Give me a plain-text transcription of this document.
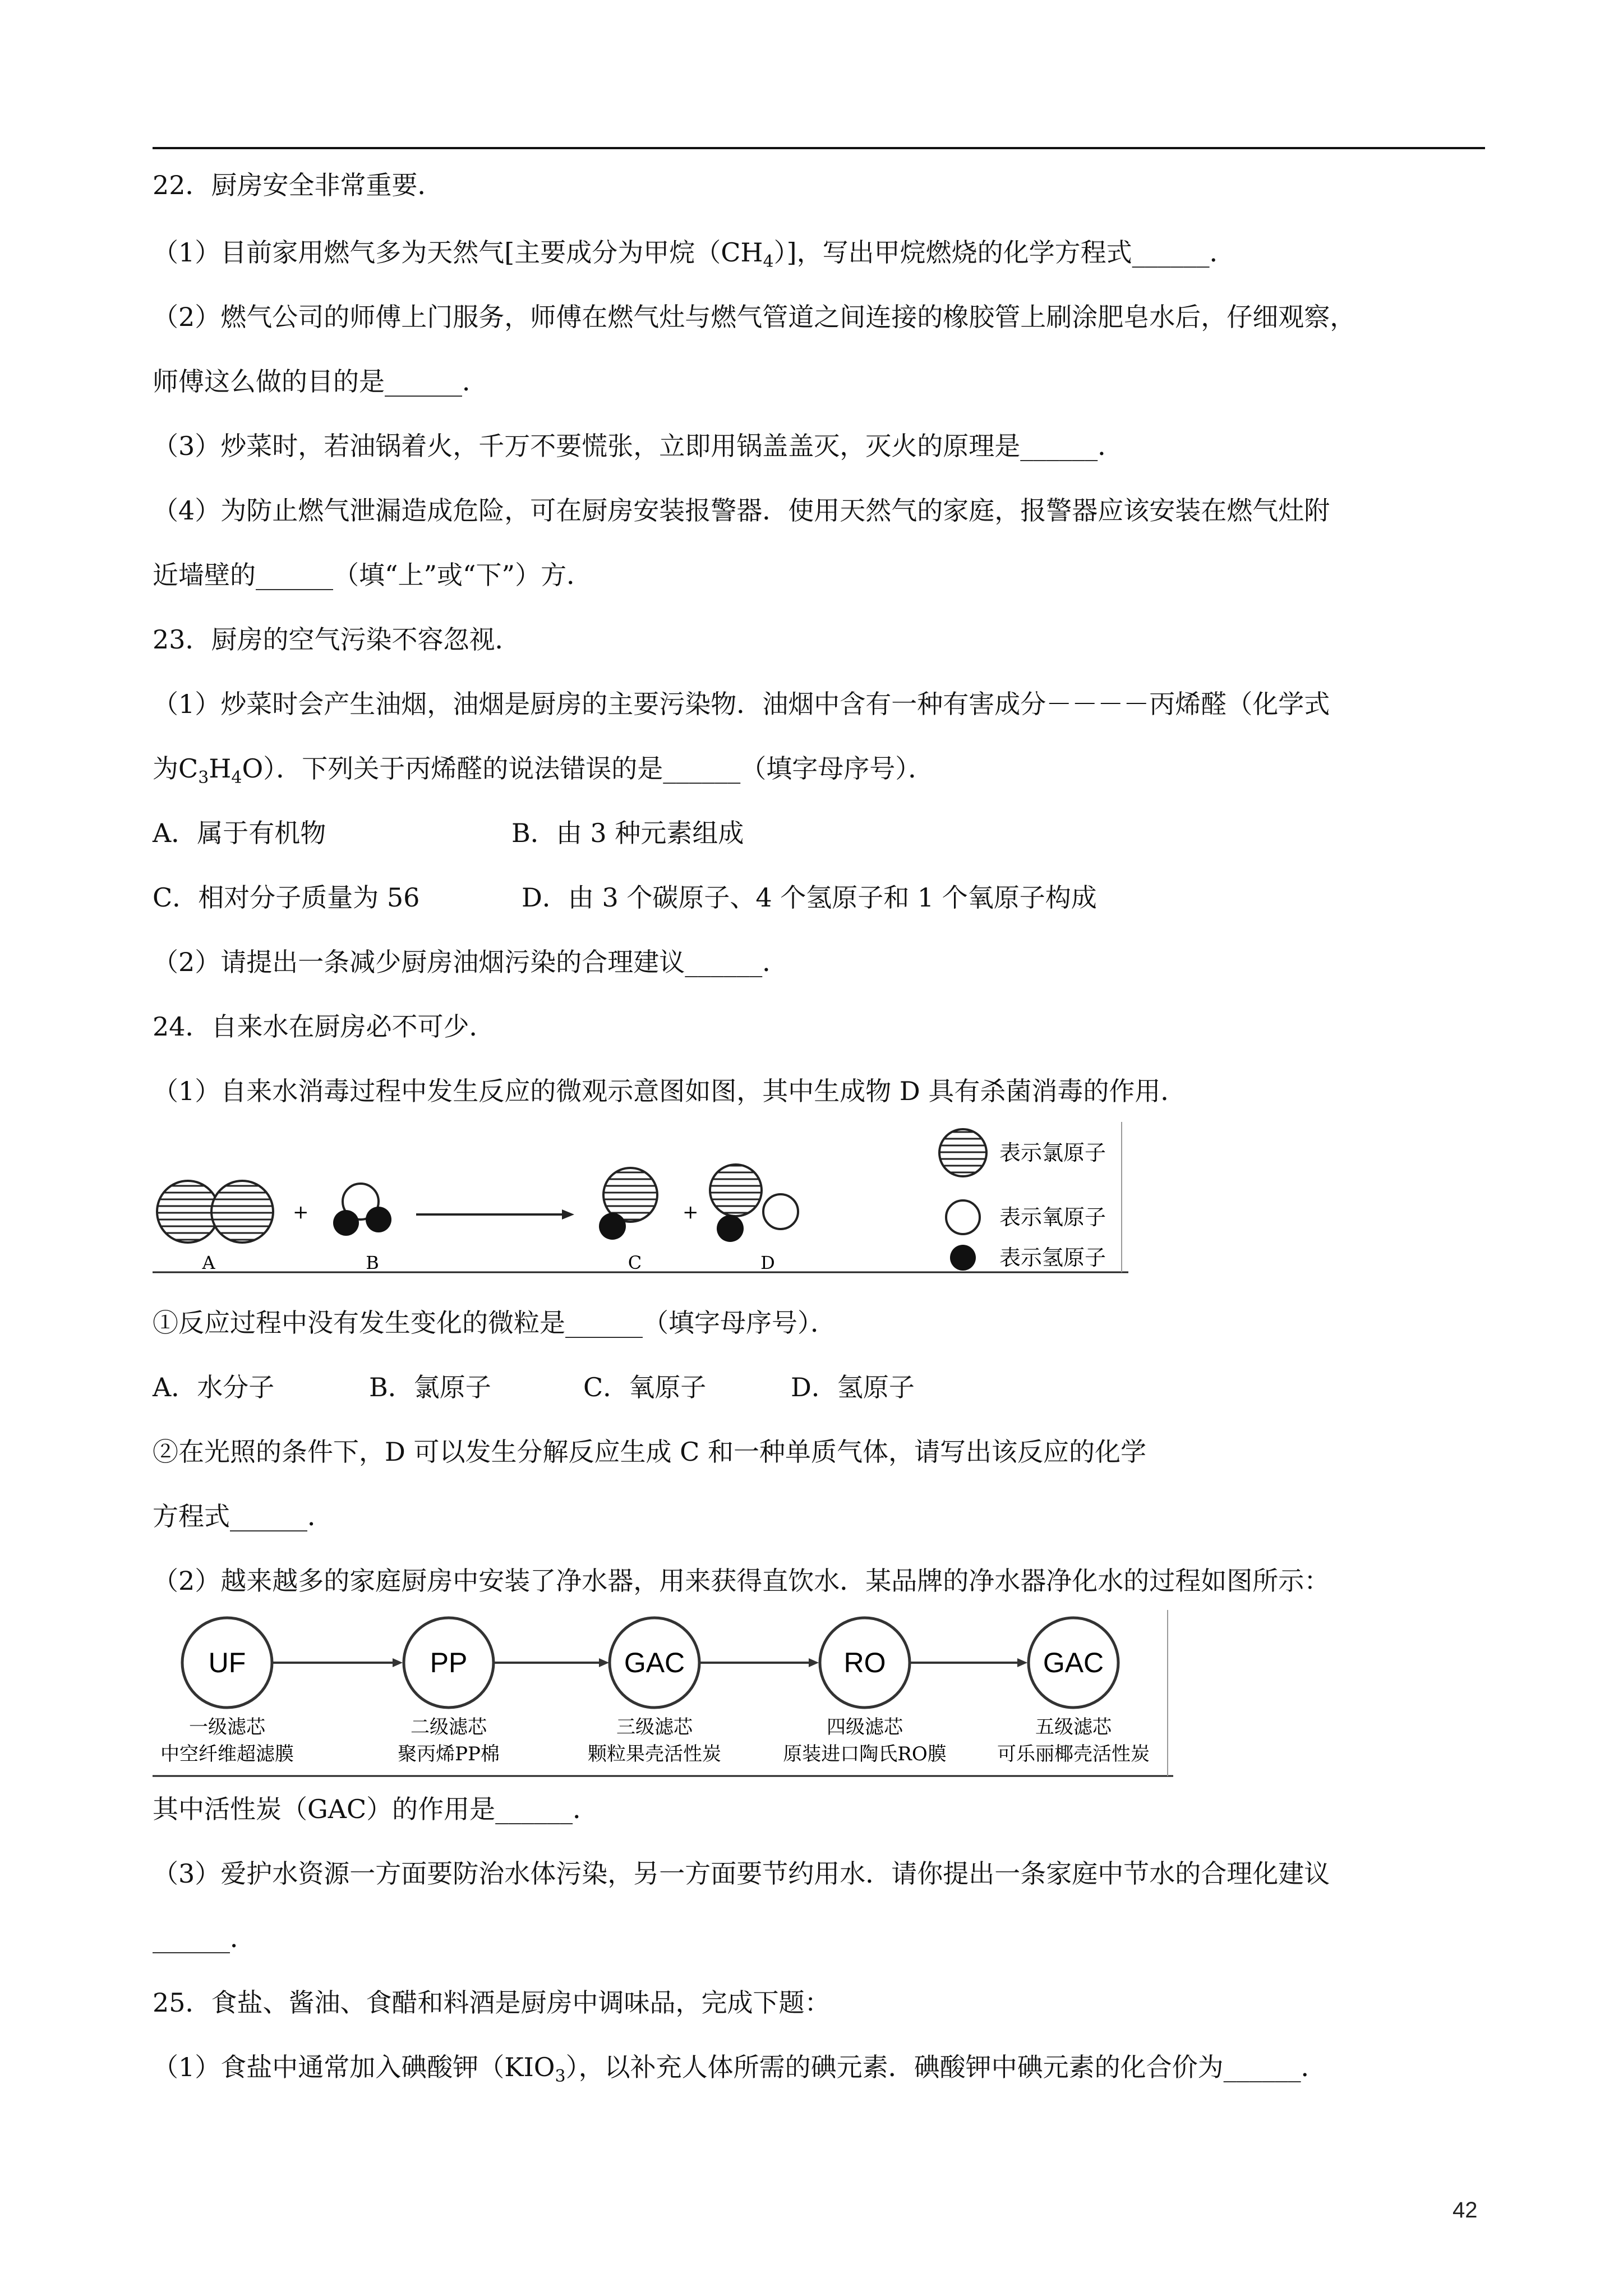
22．厨房安全非常重要．
（1）目前家用燃气多为天然气[主要成分为甲烷$(CH_4)$]，写出甲烷燃烧的化学方程式______．
（2）燃气公司的师傅上门服务，师傅在燃气灶与燃气管道之间连接的橡胶管上刷涂肥皂水后，仔细观察，
师傅这么做的目的是______．
（3）炒菜时，若油锅着火，千万不要慌张，立即用锅盖盖灭，灭火的原理是______．
（4）为防止燃气泄漏造成危险，可在厨房安装报警器．使用天然气的家庭，报警器应该安装在燃气灶附
近墙壁的______（填“上”或“下”）方．
23．厨房的空气污染不容忽视．
（1）炒菜时会产生油烟，油烟是厨房的主要污染物．油烟中含有一种有害成分－－－－丙烯醛（化学式
为$C_3H_4O$）．下列关于丙烯醛的说法错误的是______（填字母序号）．
A．属于有机物	B．由 3 种元素组成
C．相对分子质量为 56	D．由 3 个碳原子、4 个氢原子和 1 个氧原子构成
（2）请提出一条减少厨房油烟污染的合理建议______．
24．自来水在厨房必不可少．
（1）自来水消毒过程中发生反应的微观示意图如图，其中生成物 D 具有杀菌消毒的作用．
+	+
A	B	C	D
表示氯原子
表示氧原子
表示氢原子
①反应过程中没有发生变化的微粒是______（填字母序号）．
A．水分子	B．氯原子	C．氧原子	D．氢原子
②在光照的条件下，D 可以发生分解反应生成 C 和一种单质气体，请写出该反应的化学
方程式______．
（2）越来越多的家庭厨房中安装了净水器，用来获得直饮水．某品牌的净水器净化水的过程如图所示：
UF
一级滤芯
中空纤维超滤膜
PP
二级滤芯
聚丙烯PP棉
GAC
三级滤芯
颗粒果壳活性炭
RO
四级滤芯
原装进口陶氏RO膜
GAC
五级滤芯
可乐丽椰壳活性炭
其中活性炭（GAC）的作用是______．
（3）爱护水资源一方面要防治水体污染，另一方面要节约用水．请你提出一条家庭中节水的合理化建议
______．
25．食盐、酱油、食醋和料酒是厨房中调味品，完成下题：
（1）食盐中通常加入碘酸钾$(KIO_3)$，以补充人体所需的碘元素．碘酸钾中碘元素的化合价为______．
42
